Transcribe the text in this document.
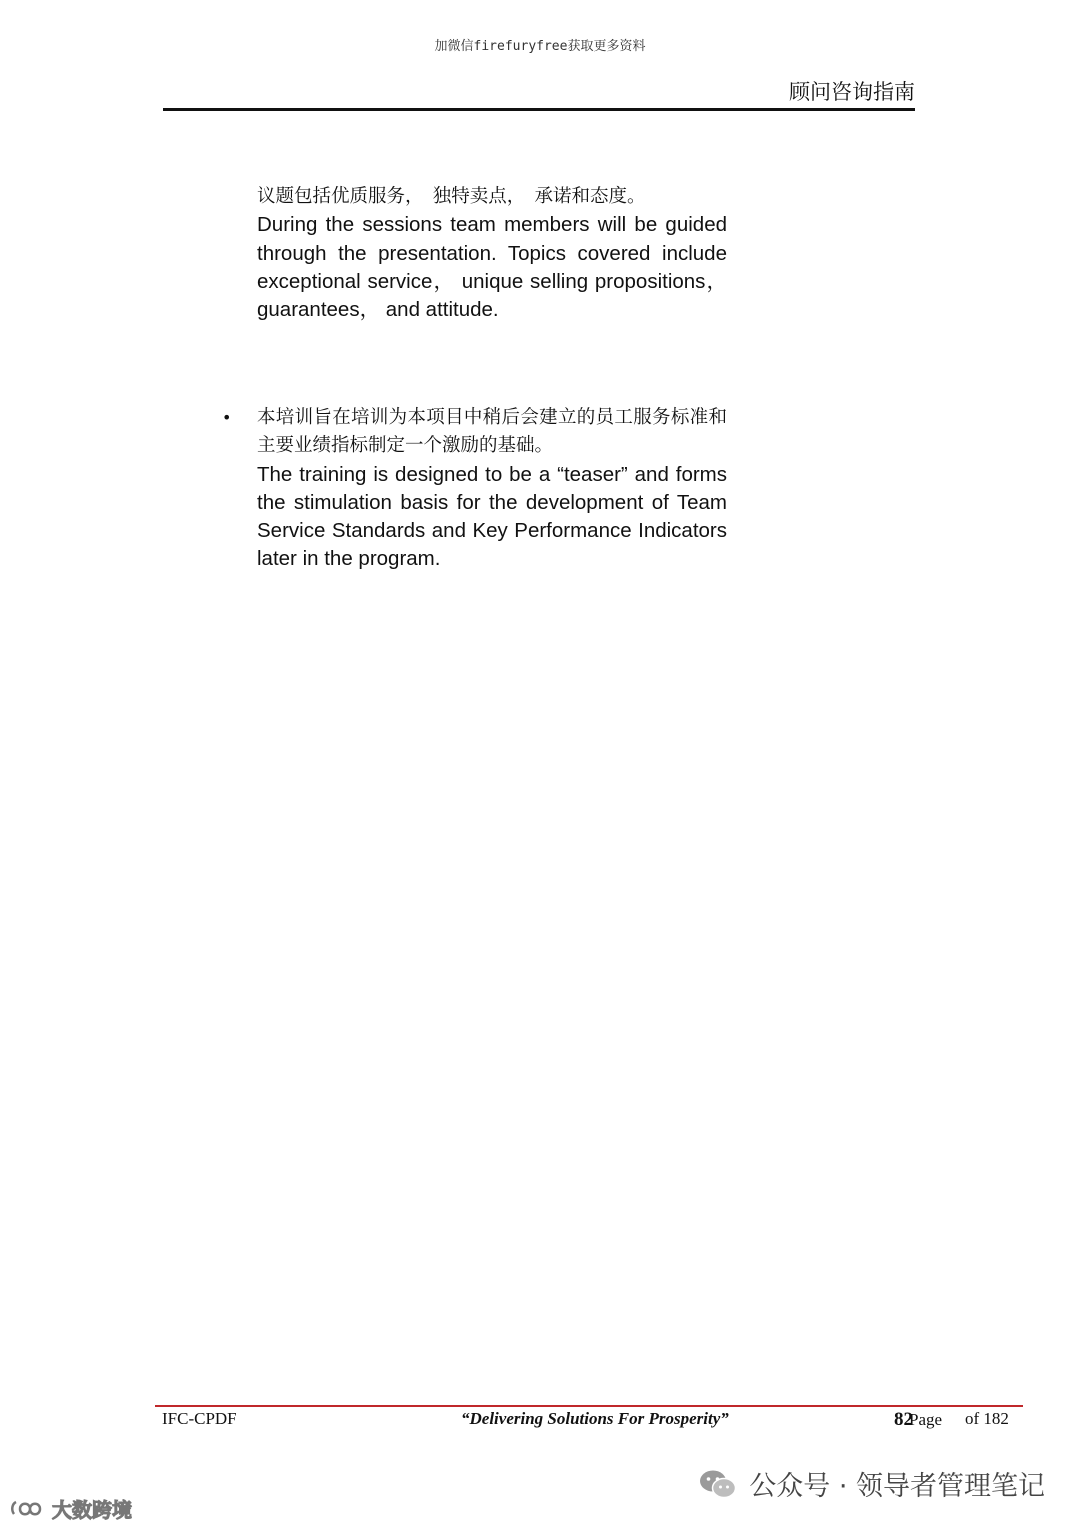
加微信firefuryfree获取更多资料
顾问咨询指南
议题包括优质服务，　独特卖点，　承诺和态度。
During the sessions team members will be guided through the presentation. Topics covered include exceptional service， unique selling propositions， guarantees， and attitude.
• 本培训旨在培训为本项目中稍后会建立的员工服务标准和主要业绩指标制定一个激励的基础。
The training is designed to be a “teaser” and forms the stimulation basis for the development of Team Service Standards and Key Performance Indicators later in the program.
IFC-CPDF	“Delivering Solutions For Prosperity”	82Page of 182
公众号 · 领导者管理笔记
大数跨境
